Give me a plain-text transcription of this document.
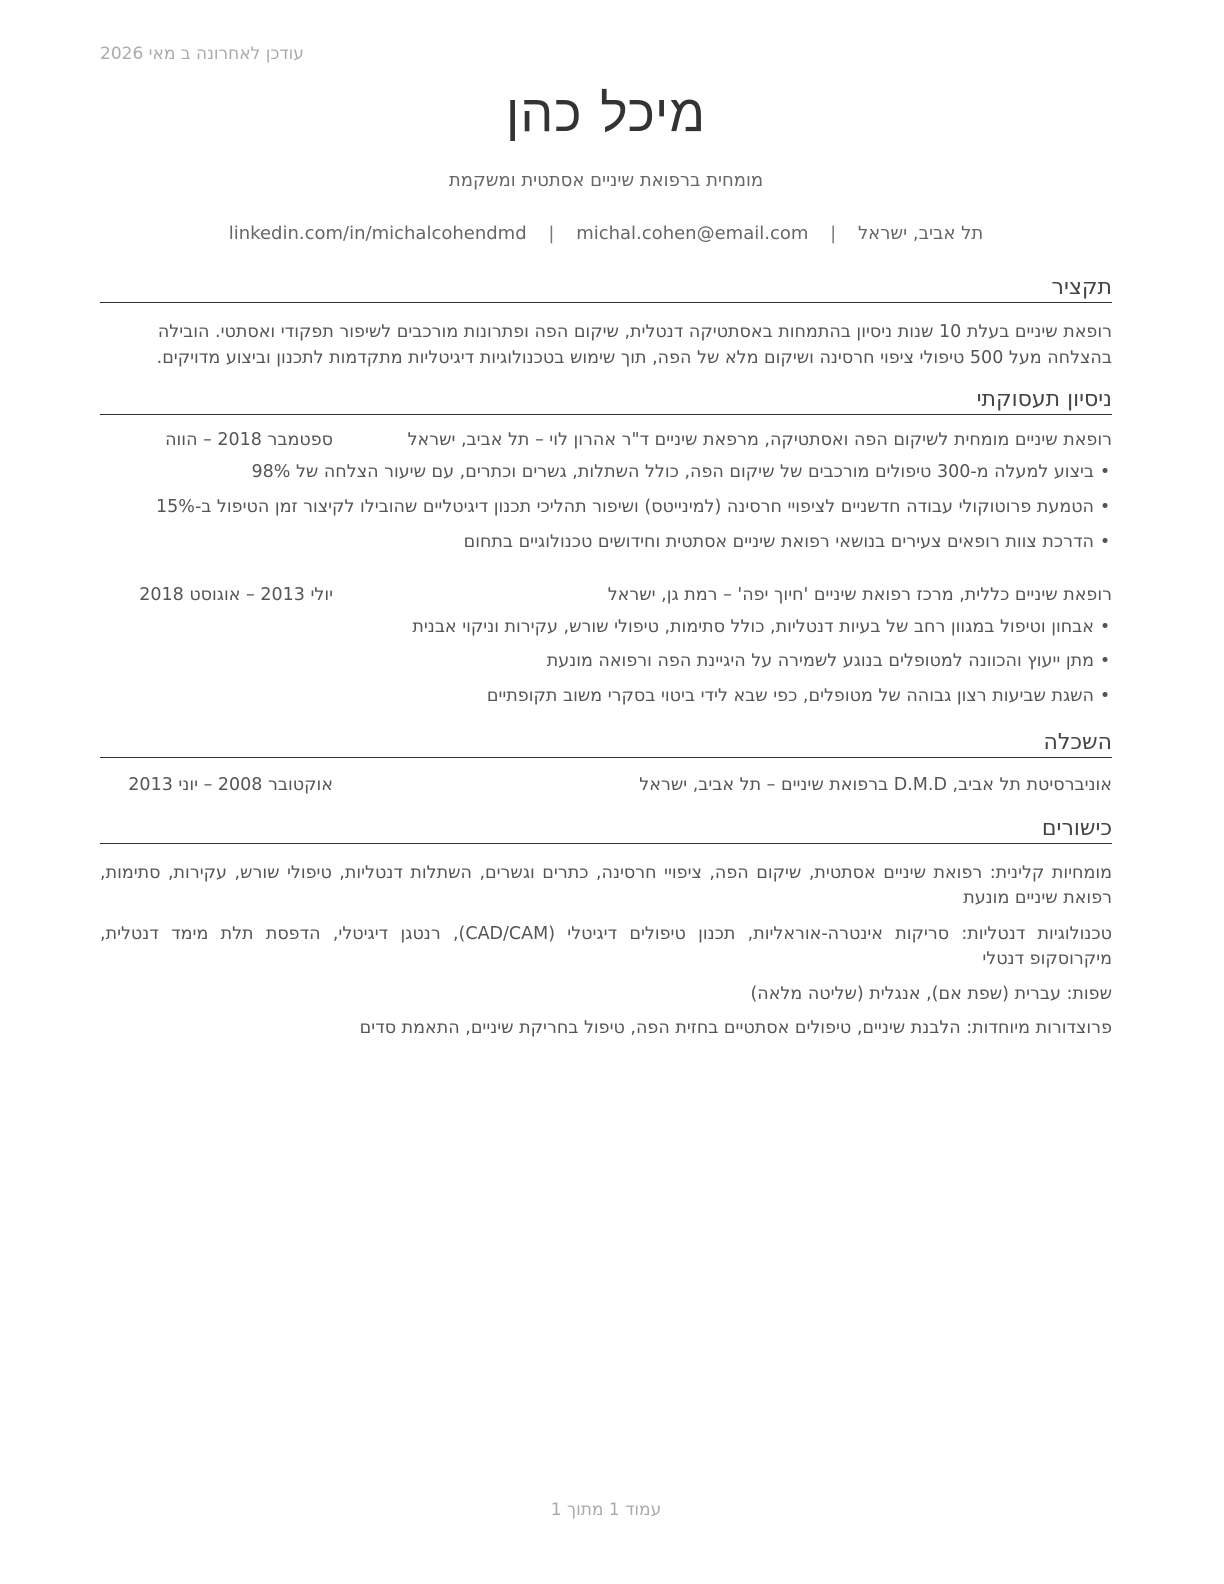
עודכן לאחרונה ב מאי 2026
מיכל כהן
מומחית ברפואת שיניים אסתטית ומשקמת
תל אביב, ישראל | michal.cohen@email.com | linkedin.com/in/michalcohendmd
תקציר
רופאת שיניים בעלת 10 שנות ניסיון בהתמחות באסתטיקה דנטלית, שיקום הפה ופתרונות מורכבים לשיפור תפקודי ואסתטי. הובילה בהצלחה מעל 500 טיפולי ציפוי חרסינה ושיקום מלא של הפה, תוך שימוש בטכנולוגיות דיגיטליות מתקדמות לתכנון וביצוע מדויקים.
ניסיון תעסוקתי
רופאת שיניים מומחית לשיקום הפה ואסתטיקה, מרפאת שיניים ד"ר אהרון לוי – תל אביב, ישראל
ספטמבר 2018 – הווה
•ביצוע למעלה מ-300 טיפולים מורכבים של שיקום הפה, כולל השתלות, גשרים וכתרים, עם שיעור הצלחה של 98%
•הטמעת פרוטוקולי עבודה חדשניים לציפויי חרסינה (למינייטס) ושיפור תהליכי תכנון דיגיטליים שהובילו לקיצור זמן הטיפול ב-15%
•הדרכת צוות רופאים צעירים בנושאי רפואת שיניים אסתטית וחידושים טכנולוגיים בתחום
רופאת שיניים כללית, מרכז רפואת שיניים 'חיוך יפה' – רמת גן, ישראל
יולי 2013 – אוגוסט 2018
•אבחון וטיפול במגוון רחב של בעיות דנטליות, כולל סתימות, טיפולי שורש, עקירות וניקוי אבנית
•מתן ייעוץ והכוונה למטופלים בנוגע לשמירה על היגיינת הפה ורפואה מונעת
•השגת שביעות רצון גבוהה של מטופלים, כפי שבא לידי ביטוי בסקרי משוב תקופתיים
השכלה
אוניברסיטת תל אביב, D.M.D ברפואת שיניים – תל אביב, ישראל
אוקטובר 2008 – יוני 2013
כישורים
מומחיות קלינית: רפואת שיניים אסתטית, שיקום הפה, ציפויי חרסינה, כתרים וגשרים, השתלות דנטליות, טיפולי שורש, עקירות, סתימות, רפואת שיניים מונעת
טכנולוגיות דנטליות: סריקות אינטרה-אוראליות, תכנון טיפולים דיגיטלי (CAD/CAM), רנטגן דיגיטלי, הדפסת תלת מימד דנטלית, מיקרוסקופ דנטלי
שפות: עברית (שפת אם), אנגלית (שליטה מלאה)
פרוצדורות מיוחדות: הלבנת שיניים, טיפולים אסתטיים בחזית הפה, טיפול בחריקת שיניים, התאמת סדים
עמוד 1 מתוך 1
